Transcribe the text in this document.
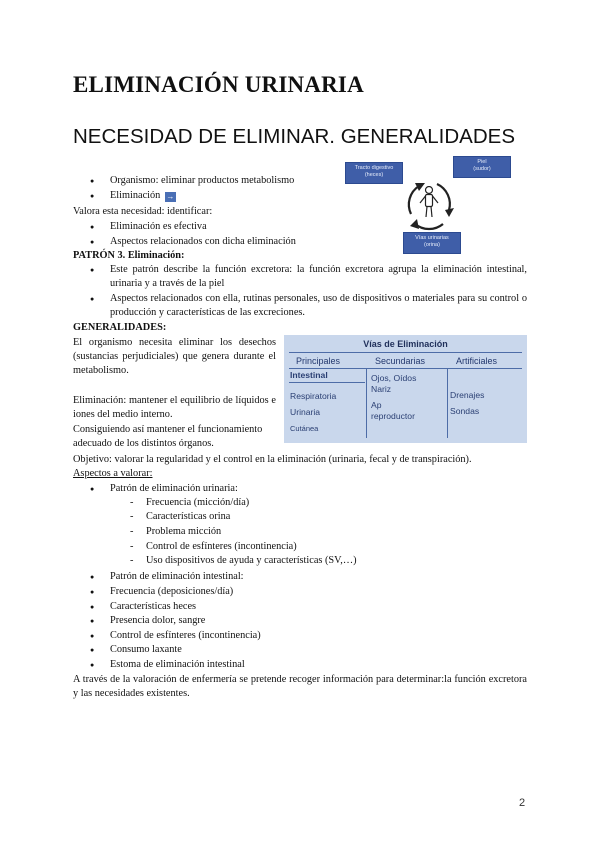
ELIMINACIÓN URINARIA
NECESIDAD DE ELIMINAR. GENERALIDADES
Tracto digestivo
(heces)
Piel
(sudor)
Vías urinarias
(orina)
● Organismo: eliminar productos metabolismo
● Eliminación →
Valora esta necesidad: identificar:
● Eliminación es efectiva
● Aspectos relacionados con dicha eliminación
PATRÓN 3. Eliminación:
● Este patrón describe la función excretora: la función excretora agrupa la eliminación intestinal, urinaria y a través de la piel
● Aspectos relacionados con ella, rutinas personales, uso de dispositivos o materiales para su control o producción y características de las excreciones.
GENERALIDADES:
El organismo necesita eliminar los desechos (sustancias perjudiciales) que genera durante el metabolismo.
Eliminación: mantener el equilibrio de líquidos e iones del medio interno.
Consiguiendo así mantener el funcionamiento adecuado de los distintos órganos.
Vías de Eliminación
Principales	Secundarias	Artificiales
Intestinal
Respiratoria
Urinaria
Cutánea
Ojos, Oídos
Nariz
Ap
reproductor
Drenajes
Sondas
Objetivo: valorar la regularidad y el control en la eliminación (urinaria, fecal y de transpiración).
Aspectos a valorar:
● Patrón de eliminación urinaria:
- Frecuencia (micción/día)
- Características orina
- Problema micción
- Control de esfínteres (incontinencia)
- Uso dispositivos de ayuda y características (SV,…)
● Patrón de eliminación intestinal:
● Frecuencia (deposiciones/día)
● Características heces
● Presencia dolor, sangre
● Control de esfínteres (incontinencia)
● Consumo laxante
● Estoma de eliminación intestinal
A través de la valoración de enfermería se pretende recoger información para determinar:la función excretora y las necesidades existentes.
2
